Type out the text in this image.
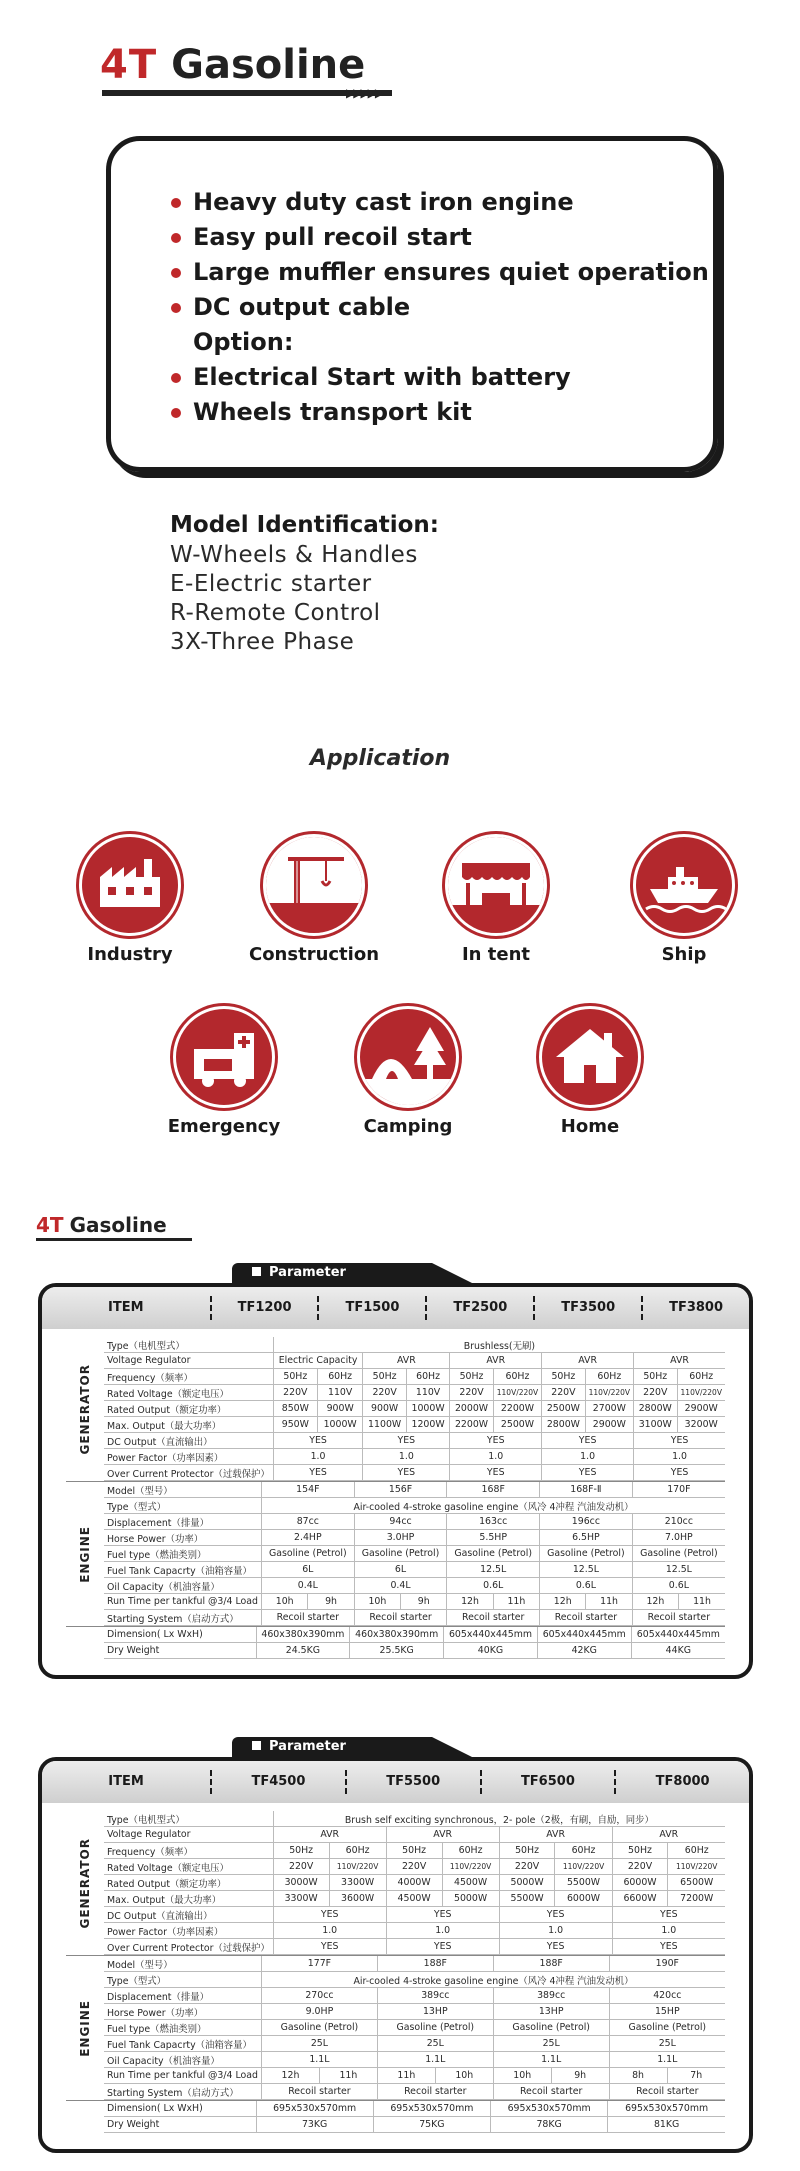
4T Gasoline
▶▶▶▶▶
Heavy duty cast iron engine
Easy pull recoil start
Large muffler ensures quiet operation
DC output cable
Option:
Electrical Start with battery
Wheels transport kit
Model Identification:
W-Wheels & Handles
E-Electric starter
R-Remote Control
3X-Three Phase
Application
Industry	Construction	In tent	Ship
Emergency	Camping	Home
4T Gasoline
Parameter
ITEM	TF1200	TF1500	TF2500	TF3500	TF3800
GENERATOR
Type（电机型式）	Brushless(无刷)									
Voltage Regulator	Electric Capacity		AVR		AVR		AVR		AVR	
Frequency（频率）	50Hz	60Hz	50Hz	60Hz	50Hz	60Hz	50Hz	60Hz	50Hz	60Hz
Rated Voltage（额定电压）	220V	110V	220V	110V	220V	110V/220V	220V	110V/220V	220V	110V/220V
Rated Output（额定功率）	850W	900W	900W	1000W	2000W	2200W	2500W	2700W	2800W	2900W
Max. Output（最大功率）	950W	1000W	1100W	1200W	2200W	2500W	2800W	2900W	3100W	3200W
DC Output（直流输出）	YES		YES		YES		YES		YES	
Power Factor（功率因素）	1.0		1.0		1.0		1.0		1.0	
Over Current Protector（过载保护）	YES		YES		YES		YES		YES	
ENGINE
Model（型号）	154F		156F		168F		168F-Ⅱ		170F	
Type（型式）	Air-cooled 4-stroke gasoline engine（风冷 4冲程 汽油发动机）									
Displacement（排量）	87cc		94cc		163cc		196cc		210cc	
Horse Power（功率）	2.4HP		3.0HP		5.5HP		6.5HP		7.0HP	
Fuel type（燃油类别）	Gasoline (Petrol)		Gasoline (Petrol)		Gasoline (Petrol)		Gasoline (Petrol)		Gasoline (Petrol)	
Fuel Tank Capacrty（油箱容量）	6L		6L		12.5L		12.5L		12.5L	
Oil Capacity（机油容量）	0.4L		0.4L		0.6L		0.6L		0.6L	
Run Time per tankful @3/4 Load	10h	9h	10h	9h	12h	11h	12h	11h	12h	11h
Starting System（启动方式）	Recoil starter		Recoil starter		Recoil starter		Recoil starter		Recoil starter	
Dimension( Lx WxH)	460x380x390mm	460x380x390mm	605x440x445mm	605x440x445mm	605x440x445mm
Dry Weight	24.5KG	25.5KG	40KG	42KG	44KG
Parameter
ITEM	TF4500	TF5500	TF6500	TF8000
GENERATOR
Type（电机型式）	Brush self exciting synchronous，2- pole（2极，有刷，自励，同步）							
Voltage Regulator	AVR		AVR		AVR		AVR	
Frequency（频率）	50Hz	60Hz	50Hz	60Hz	50Hz	60Hz	50Hz	60Hz
Rated Voltage（额定电压）	220V	110V/220V	220V	110V/220V	220V	110V/220V	220V	110V/220V
Rated Output（额定功率）	3000W	3300W	4000W	4500W	5000W	5500W	6000W	6500W
Max. Output（最大功率）	3300W	3600W	4500W	5000W	5500W	6000W	6600W	7200W
DC Output（直流输出）	YES		YES		YES		YES	
Power Factor（功率因素）	1.0		1.0		1.0		1.0	
Over Current Protector（过载保护）	YES		YES		YES		YES	
ENGINE
Model（型号）	177F		188F		188F		190F	
Type（型式）	Air-cooled 4-stroke gasoline engine（风冷 4冲程 汽油发动机）							
Displacement（排量）	270cc		389cc		389cc		420cc	
Horse Power（功率）	9.0HP		13HP		13HP		15HP	
Fuel type（燃油类别）	Gasoline (Petrol)		Gasoline (Petrol)		Gasoline (Petrol)		Gasoline (Petrol)	
Fuel Tank Capacrty（油箱容量）	25L		25L		25L		25L	
Oil Capacity（机油容量）	1.1L		1.1L		1.1L		1.1L	
Run Time per tankful @3/4 Load	12h	11h	11h	10h	10h	9h	8h	7h
Starting System（启动方式）	Recoil starter		Recoil starter		Recoil starter		Recoil starter	
Dimension( Lx WxH)	695x530x570mm	695x530x570mm	695x530x570mm	695x530x570mm
Dry Weight	73KG	75KG	78KG	81KG
